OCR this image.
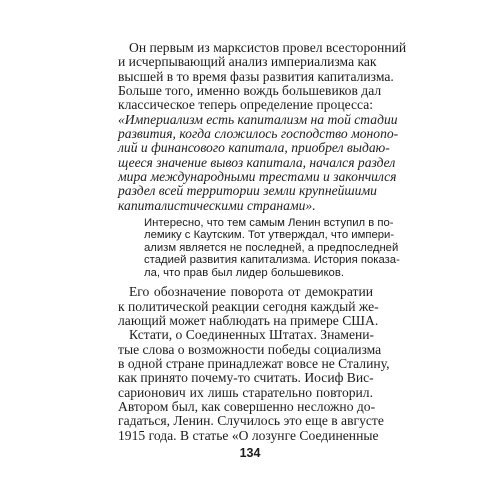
Он первым из марксистов провел всесторонний
и исчерпывающий анализ империализма как
высшей в то время фазы развития капитализма.
Больше того, именно вождь большевиков дал
классическое теперь определение процесса:
«Империализм есть капитализм на той стадии
развития, когда сложилось господство монопо-
лий и финансового капитала, приобрел выдаю-
щееся значение вывоз капитала, начался раздел
мира международными трестами и закончился
раздел всей территории земли крупнейшими
капиталистическими странами».
Интересно, что тем самым Ленин вступил в по-
лемику с Каутским. Тот утверждал, что импери-
ализм является не последней, а предпоследней
стадией развития капитализма. История показа-
ла, что прав был лидер большевиков.
Его обозначение поворота от демократии
к политической реакции сегодня каждый же-
лающий может наблюдать на примере США.
Кстати, о Соединенных Штатах. Знамени-
тые слова о возможности победы социализма
в одной стране принадлежат вовсе не Сталину,
как принято почему-то считать. Иосиф Вис-
сарионович их лишь старательно повторил.
Автором был, как совершенно несложно до-
гадаться, Ленин. Случилось это еще в августе
1915 года. В статье «О лозунге Соединенные
134
